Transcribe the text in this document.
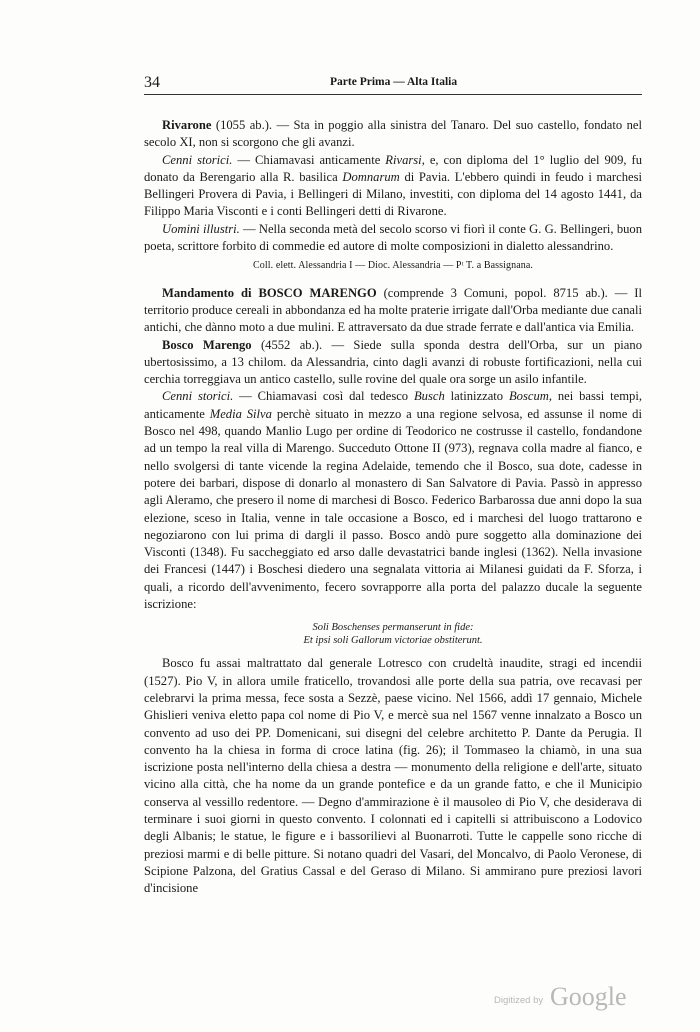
34	Parte Prima — Alta Italia

Rivarone (1055 ab.). — Sta in poggio alla sinistra del Tanaro. Del suo castello, fondato nel secolo XI, non si scorgono che gli avanzi.

Cenni storici. — Chiamavasi anticamente Rivarsi, e, con diploma del 1° luglio del 909, fu donato da Berengario alla R. basilica Domnarum di Pavia. L'ebbero quindi in feudo i marchesi Bellingeri Provera di Pavia, i Bellingeri di Milano, investiti, con diploma del 14 agosto 1441, da Filippo Maria Visconti e i conti Bellingeri detti di Rivarone.

Uomini illustri. — Nella seconda metà del secolo scorso vi fiorì il conte G. G. Bellingeri, buon poeta, scrittore forbito di commedie ed autore di molte composizioni in dialetto alessandrino.

Coll. elett. Alessandria I — Dioc. Alessandria — Pᵗ T. a Bassignana.

Mandamento di BOSCO MARENGO (comprende 3 Comuni, popol. 8715 ab.). — Il territorio produce cereali in abbondanza ed ha molte praterie irrigate dall'Orba mediante due canali antichi, che dànno moto a due mulini. E attraversato da due strade ferrate e dall'antica via Emilia.

Bosco Marengo (4552 ab.). — Siede sulla sponda destra dell'Orba, sur un piano ubertosissimo, a 13 chilom. da Alessandria, cinto dagli avanzi di robuste fortificazioni, nella cui cerchia torreggiava un antico castello, sulle rovine del quale ora sorge un asilo infantile.

Cenni storici. — Chiamavasi così dal tedesco Busch latinizzato Boscum, nei bassi tempi, anticamente Media Silva perchè situato in mezzo a una regione selvosa, ed assunse il nome di Bosco nel 498, quando Manlio Lugo per ordine di Teodorico ne costrusse il castello, fondandone ad un tempo la real villa di Marengo. Succeduto Ottone II (973), regnava colla madre al fianco, e nello svolgersi di tante vicende la regina Adelaide, temendo che il Bosco, sua dote, cadesse in potere dei barbari, dispose di donarlo al monastero di San Salvatore di Pavia. Passò in appresso agli Aleramo, che presero il nome di marchesi di Bosco. Federico Barbarossa due anni dopo la sua elezione, sceso in Italia, venne in tale occasione a Bosco, ed i marchesi del luogo trattarono e negoziarono con lui prima di dargli il passo. Bosco andò pure soggetto alla dominazione dei Visconti (1348). Fu saccheggiato ed arso dalle devastatrici bande inglesi (1362). Nella invasione dei Francesi (1447) i Boschesi diedero una segnalata vittoria ai Milanesi guidati da F. Sforza, i quali, a ricordo dell'avvenimento, fecero sovrapporre alla porta del palazzo ducale la seguente iscrizione:

Soli Boschenses permanserunt in fide:
Et ipsi soli Gallorum victoriae obstiterunt.

Bosco fu assai maltrattato dal generale Lotresco con crudeltà inaudite, stragi ed incendii (1527). Pio V, in allora umile fraticello, trovandosi alle porte della sua patria, ove recavasi per celebrarvi la prima messa, fece sosta a Sezzè, paese vicino. Nel 1566, addì 17 gennaio, Michele Ghislieri veniva eletto papa col nome di Pio V, e mercè sua nel 1567 venne innalzato a Bosco un convento ad uso dei PP. Domenicani, sui disegni del celebre architetto P. Dante da Perugia. Il convento ha la chiesa in forma di croce latina (fig. 26); il Tommaseo la chiamò, in una sua iscrizione posta nell'interno della chiesa a destra — monumento della religione e dell'arte, situato vicino alla città, che ha nome da un grande pontefice e da un grande fatto, e che il Municipio conserva al vessillo redentore. — Degno d'ammirazione è il mausoleo di Pio V, che desiderava di terminare i suoi giorni in questo convento. I colonnati ed i capitelli si attribuiscono a Lodovico degli Albanis; le statue, le figure e i bassorilievi al Buonarroti. Tutte le cappelle sono ricche di preziosi marmi e di belle pitture. Si notano quadri del Vasari, del Moncalvo, di Paolo Veronese, di Scipione Palzona, del Gratius Cassal e del Geraso di Milano. Si ammirano pure preziosi lavori d'incisione

Digitized by Google
